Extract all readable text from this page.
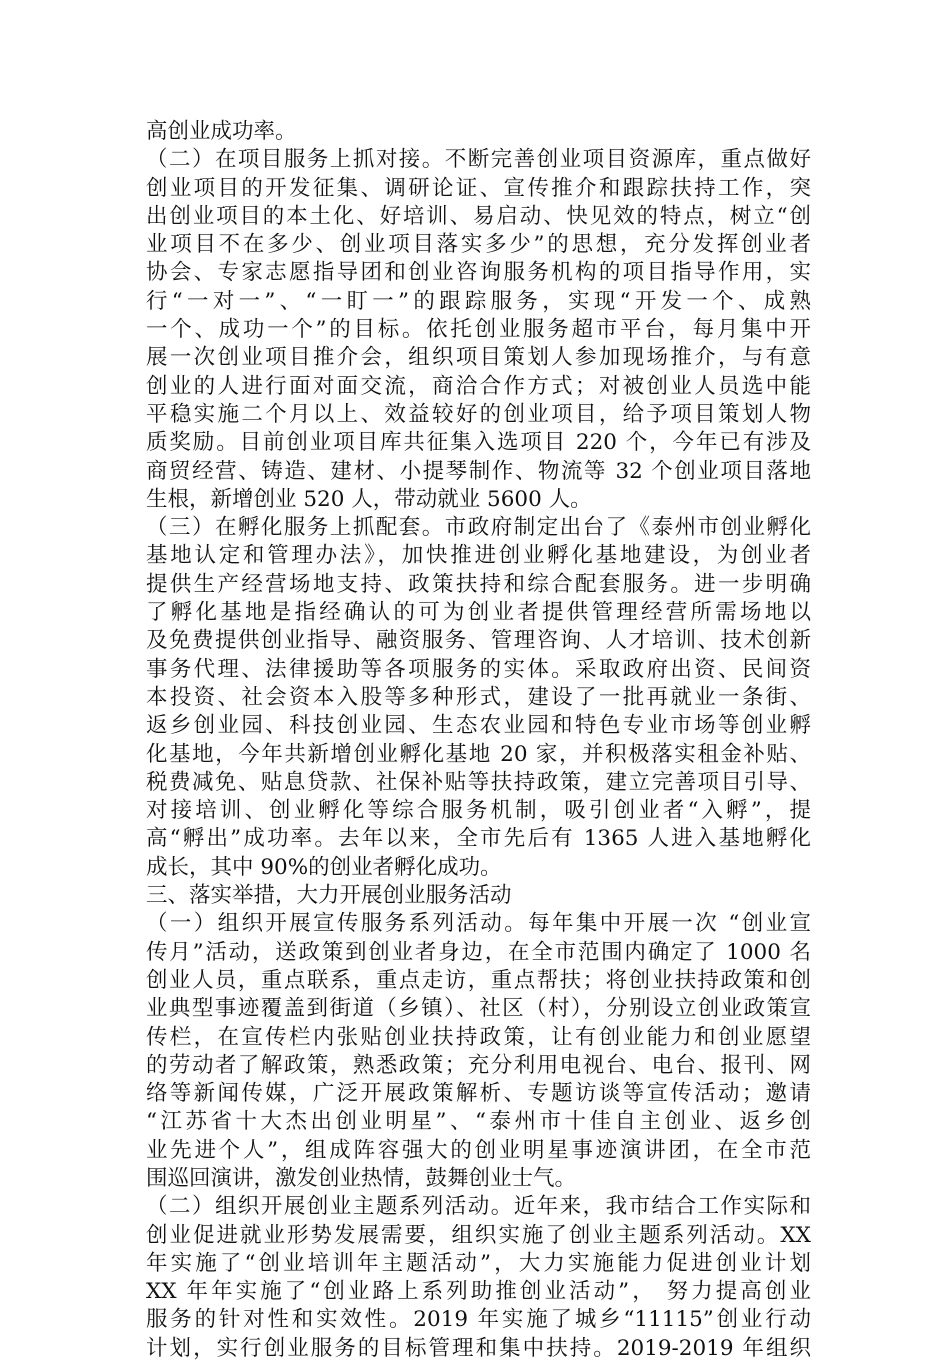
高创业成功率。
（二）在项目服务上抓对接。不断完善创业项目资源库，重点做好
创业项目的开发征集、调研论证、宣传推介和跟踪扶持工作，突
出创业项目的本土化、好培训、易启动、快见效的特点，树立“创
业项目不在多少、创业项目落实多少”的思想，充分发挥创业者
协会、专家志愿指导团和创业咨询服务机构的项目指导作用，实
行“一对一”、“一盯一”的跟踪服务，实现“开发一个、成熟
一个、成功一个”的目标。依托创业服务超市平台，每月集中开
展一次创业项目推介会，组织项目策划人参加现场推介，与有意
创业的人进行面对面交流，商洽合作方式；对被创业人员选中能
平稳实施二个月以上、效益较好的创业项目，给予项目策划人物
质奖励。目前创业项目库共征集入选项目 220 个，今年已有涉及
商贸经营、铸造、建材、小提琴制作、物流等 32 个创业项目落地
生根，新增创业 520 人，带动就业 5600 人。
（三）在孵化服务上抓配套。市政府制定出台了《泰州市创业孵化
基地认定和管理办法》，加快推进创业孵化基地建设，为创业者
提供生产经营场地支持、政策扶持和综合配套服务。进一步明确
了孵化基地是指经确认的可为创业者提供管理经营所需场地以
及免费提供创业指导、融资服务、管理咨询、人才培训、技术创新
事务代理、法律援助等各项服务的实体。采取政府出资、民间资
本投资、社会资本入股等多种形式，建设了一批再就业一条街、
返乡创业园、科技创业园、生态农业园和特色专业市场等创业孵
化基地，今年共新增创业孵化基地 20 家，并积极落实租金补贴、
税费减免、贴息贷款、社保补贴等扶持政策，建立完善项目引导、
对接培训、创业孵化等综合服务机制，吸引创业者“入孵”，提
高“孵出”成功率。去年以来，全市先后有 1365 人进入基地孵化
成长，其中 90%的创业者孵化成功。
三、落实举措，大力开展创业服务活动
（一）组织开展宣传服务系列活动。每年集中开展一次 “创业宣
传月”活动，送政策到创业者身边，在全市范围内确定了 1000 名
创业人员，重点联系，重点走访，重点帮扶；将创业扶持政策和创
业典型事迹覆盖到街道（乡镇）、社区（村），分别设立创业政策宣
传栏，在宣传栏内张贴创业扶持政策，让有创业能力和创业愿望
的劳动者了解政策，熟悉政策；充分利用电视台、电台、报刊、网
络等新闻传媒，广泛开展政策解析、专题访谈等宣传活动；邀请
“江苏省十大杰出创业明星”、“泰州市十佳自主创业、返乡创
业先进个人”，组成阵容强大的创业明星事迹演讲团，在全市范
围巡回演讲，激发创业热情，鼓舞创业士气。
（二）组织开展创业主题系列活动。近年来，我市结合工作实际和
创业促进就业形势发展需要，组织实施了创业主题系列活动。XX
年实施了“创业培训年主题活动”，大力实施能力促进创业计划
XX 年年实施了“创业路上系列助推创业活动”， 努力提高创业
服务的针对性和实效性。2019 年实施了城乡“11115”创业行动
计划，实行创业服务的目标管理和集中扶持。2019-2019 年组织
